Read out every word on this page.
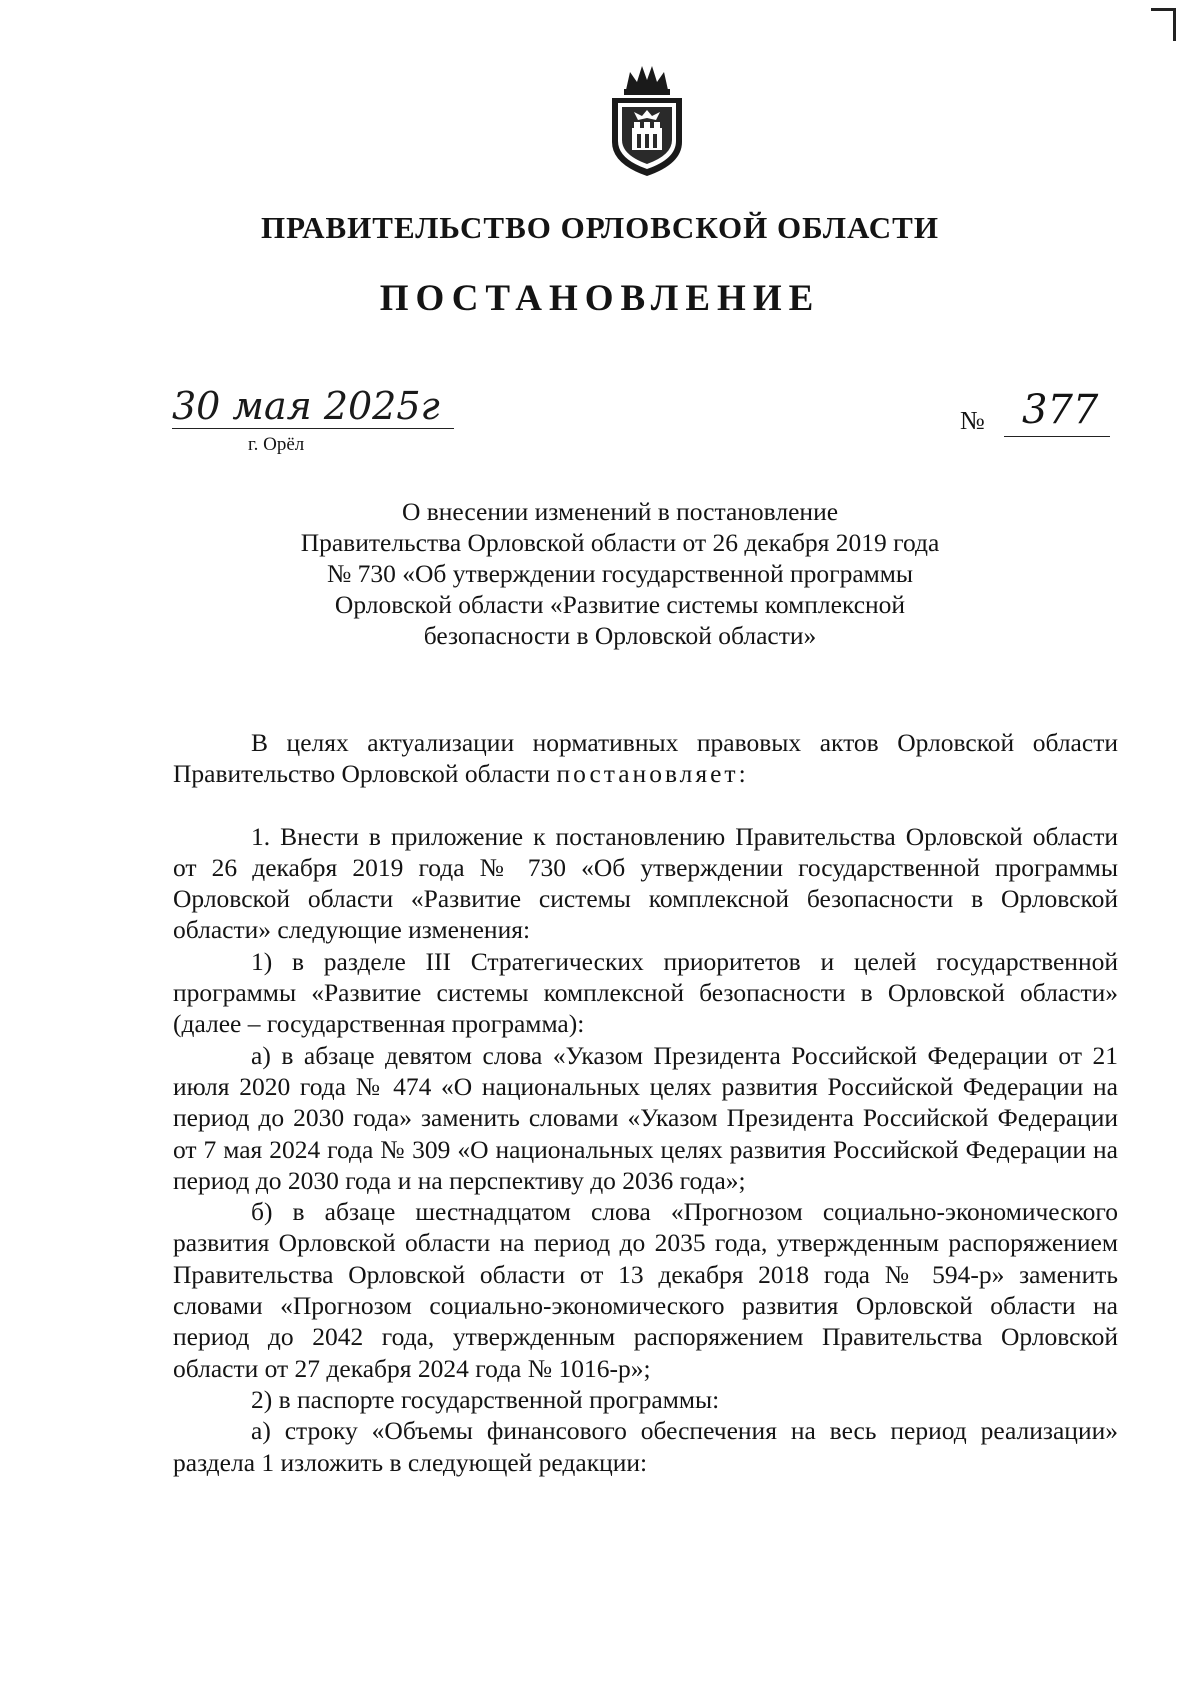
ПРАВИТЕЛЬСТВО ОРЛОВСКОЙ ОБЛАСТИ
ПОСТАНОВЛЕНИЕ
30 мая 2025г
г. Орёл
№ 377
О внесении изменений в постановление
Правительства Орловской области от 26 декабря 2019 года
№ 730 «Об утверждении государственной программы
Орловской области «Развитие системы комплексной
безопасности в Орловской области»

В целях актуализации нормативных правовых актов Орловской области Правительство Орловской области постановляет:

1. Внести в приложение к постановлению Правительства Орловской области от 26 декабря 2019 года № 730 «Об утверждении государственной программы Орловской области «Развитие системы комплексной безопасности в Орловской области» следующие изменения:

1) в разделе III Стратегических приоритетов и целей государственной программы «Развитие системы комплексной безопасности в Орловской области» (далее – государственная программа):

а) в абзаце девятом слова «Указом Президента Российской Федерации от 21 июля 2020 года № 474 «О национальных целях развития Российской Федерации на период до 2030 года» заменить словами «Указом Президента Российской Федерации от 7 мая 2024 года № 309 «О национальных целях развития Российской Федерации на период до 2030 года и на перспективу до 2036 года»;

б) в абзаце шестнадцатом слова «Прогнозом социально-экономического развития Орловской области на период до 2035 года, утвержденным распоряжением Правительства Орловской области от 13 декабря 2018 года № 594-р» заменить словами «Прогнозом социально-экономического развития Орловской области на период до 2042 года, утвержденным распоряжением Правительства Орловской области от 27 декабря 2024 года № 1016-р»;

2) в паспорте государственной программы:

а) строку «Объемы финансового обеспечения на весь период реализации» раздела 1 изложить в следующей редакции:
